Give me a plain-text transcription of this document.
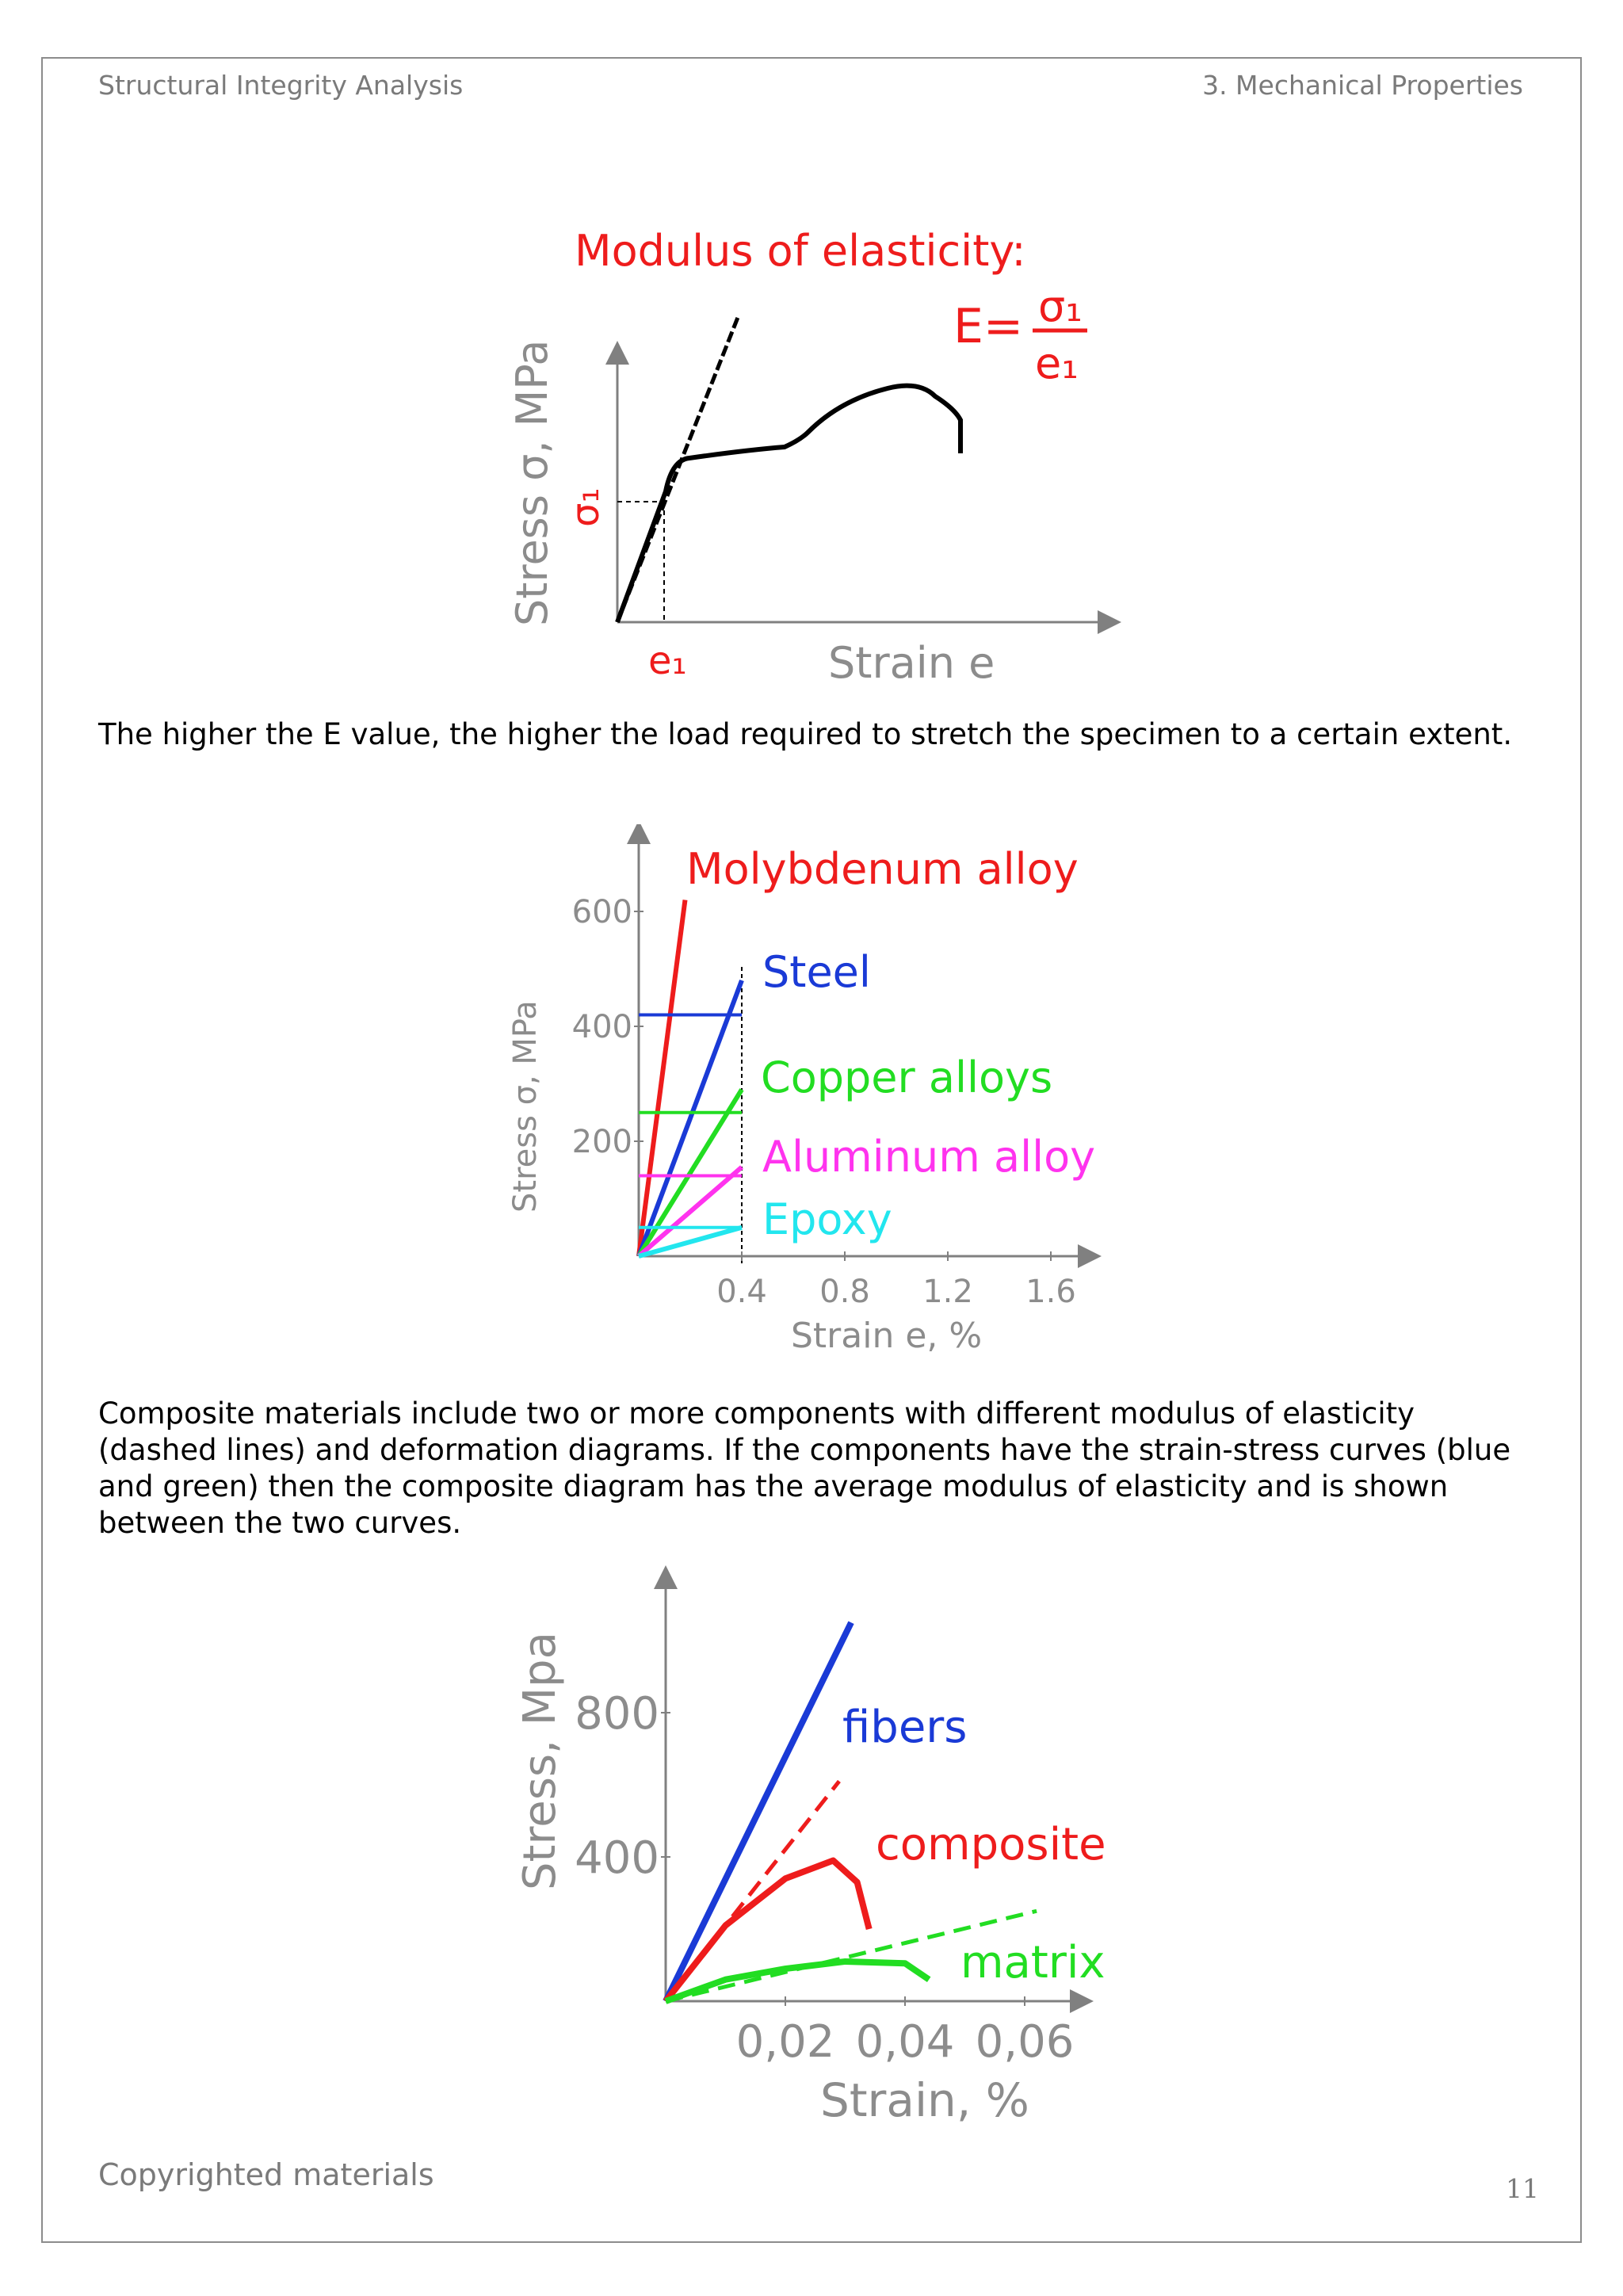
Structural Integrity Analysis	3. Mechanical Properties
Modulus of elasticity:
E= σ₁
e₁
Stress σ, MPa σ₁
e₁	Strain e

The higher the E value, the higher the load required to stretch the specimen to a certain extent.

Stress σ, MPa
Strain e, %
200
400
600
0.4 0.8 1.2 1.6
Molybdenum alloy
Steel
Copper alloys
Aluminum alloy
Epoxy

Composite materials include two or more components with different modulus of elasticity (dashed lines) and deformation diagrams. If the components have the strain-stress curves (blue and green) then the composite diagram has the average modulus of elasticity and is shown between the two curves.

Stress, Mpa
Strain, %
400
800
0,02 0,04 0,06
fibers
composite
matrix
Copyrighted materials	11
